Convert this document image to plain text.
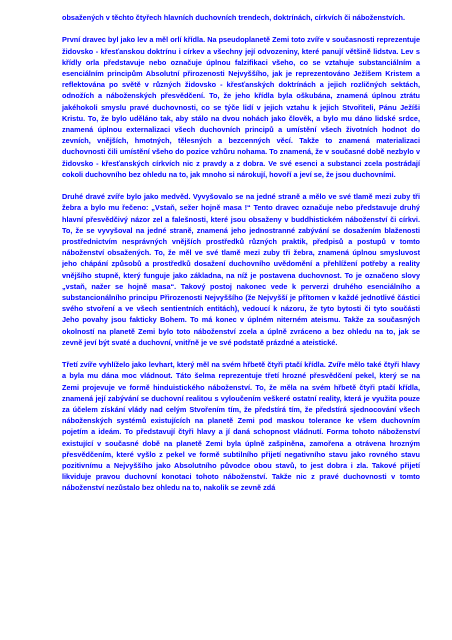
obsažených v těchto čtyřech hlavních duchovních trendech, doktrínách, církvích či náboženstvích.

První dravec byl jako lev a měl orlí křídla. Na pseudoplanetě Zemi toto zvíře v současnosti reprezentuje židovsko - křesťanskou doktrínu i církev a všechny její odvozeniny, které panují většině lidstva. Lev s křídly orla představuje nebo označuje úplnou falzifikaci všeho, co se vztahuje substanciálním a esenciálním principům Absolutní přirozenosti Nejvyššího, jak je reprezentováno Ježíšem Kristem a reflektována po světě v různých židovsko - křesťanských doktrínách a jejich rozličných sektách, odnožích a náboženských přesvědčení. To, že jeho křídla byla oškubána, znamená úplnou ztrátu jakéhokoli smyslu pravé duchovnosti, co se týče lidí v jejich vztahu k jejich Stvořiteli, Pánu Ježíši Kristu. To, že bylo uděláno tak, aby stálo na dvou nohách jako člověk, a bylo mu dáno lidské srdce, znamená úplnou externalizaci všech duchovních principů a umístění všech životních hodnot do zevních, vnějších, hmotných, tělesných a bezcenných věcí. Takže to znamená materializaci duchovnosti čili umístění všeho do pozice vzhůru nohama. To znamená, že v současné době nezbylo v židovsko - křesťanských církvích nic z pravdy a z dobra. Ve své esenci a substanci zcela postrádají cokoli duchovního bez ohledu na to, jak mnoho si nárokují, hovoří a jeví se, že jsou duchovními.

Druhé dravé zvíře bylo jako medvěd. Vyvyšovalo se na jedné straně a mělo ve své tlamě mezi zuby tři žebra a bylo mu řečeno: „Vstaň, sežer hojně masa !“ Tento dravec označuje nebo představuje druhý hlavní přesvědčivý názor zel a falešnosti, které jsou obsaženy v buddhistickém náboženství či církvi. To, že se vyvyšoval na jedné straně, znamená jeho jednostranné zabývání se dosažením blaženosti prostřednictvím nesprávných vnějších prostředků různých praktik, předpisů a postupů v tomto náboženství obsažených. To, že měl ve své tlamě mezi zuby tři žebra, znamená úplnou smysluvost jeho chápání způsobů a prostředků dosažení duchovního uvědomění a přehlížení potřeby a reality vnějšího stupně, který funguje jako základna, na níž je postavena duchovnost. To je označeno slovy „vstaň, nažer se hojně masa“. Takový postoj nakonec vede k perverzi druhého esenciálního a substancionálního principu Přirozenosti Nejvyššího (že Nejvyšší je přítomen v každé jednotlivé částici svého stvoření a ve všech sentientních entitách), vedoucí k názoru, že tyto bytosti či tyto součásti Jeho povahy jsou fakticky Bohem. To má konec v úplném niterném ateismu. Takže za současných okolností na planetě Zemi bylo toto náboženství zcela a úplně zvráceno a bez ohledu na to, jak se zevně jeví být svaté a duchovní, vnitřně je ve své podstatě prázdné a ateistické.

Třetí zvíře vyhlíželo jako levhart, který měl na svém hřbetě čtyři ptačí křídla. Zvíře mělo také čtyři hlavy a byla mu dána moc vládnout. Táto šelma reprezentuje třetí hrozné přesvědčení pekel, který se na Zemi projevuje ve formě hinduistického náboženství. To, že měla na svém hřbetě čtyři ptačí křídla, znamená její zabývání se duchovní realitou s vyloučením veškeré ostatní reality, která je využita pouze za účelem získání vlády nad celým Stvořením tím, že předstírá tím, že předstírá sjednocování všech náboženských systémů existujících na planetě Zemi pod maskou tolerance ke všem duchovním pojetím a ideám. To představují čtyři hlavy a jí daná schopnost vládnutí. Forma tohoto náboženství existující v současné době na planetě Zemi byla úplně zašpiněna, zamořena a otrávena hrozným přesvědčením, které vyšlo z pekel ve formě subtilního přijetí negativního stavu jako rovného stavu pozitivnímu a Nejvyššího jako Absolutního původce obou stavů, to jest dobra i zla. Takové přijetí likviduje pravou duchovní konotaci tohoto náboženství. Takže nic z pravé duchovnosti v tomto náboženství nezůstalo bez ohledu na to, nakolik se zevně zdá
